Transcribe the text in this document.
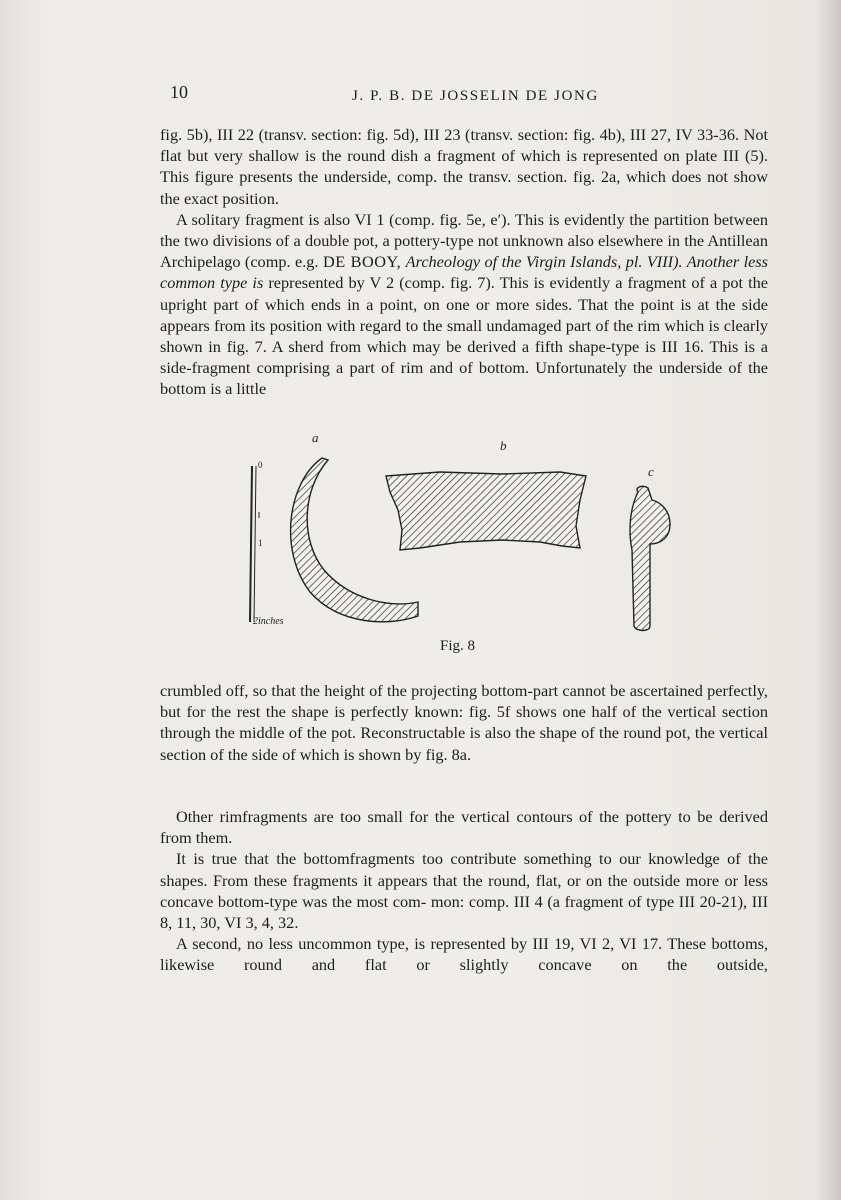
10	J. P. B. DE JOSSELIN DE JONG

fig. 5b), III 22 (transv. section: fig. 5d), III 23 (transv. section: fig. 4b), III 27, IV 33-36. Not flat but very shallow is the round dish a fragment of which is represented on plate III (5). This figure presents the underside, comp. the transv. section. fig. 2a, which does not show the exact position.

A solitary fragment is also VI 1 (comp. fig. 5e, e′). This is evidently the partition between the two divisions of a double pot, a pottery-type not unknown also elsewhere in the Antillean Archipelago (comp. e.g. DE BOOY, Archeology of the Virgin Islands, pl. VIII). Another less common type is represented by V 2 (comp. fig. 7). This is evidently a fragment of a pot the upright part of which ends in a point, on one or more sides. That the point is at the side appears from its position with regard to the small undamaged part of the rim which is clearly shown in fig. 7. A sherd from which may be derived a fifth shape-type is III 16. This is a side-fragment comprising a part of rim and of bottom. Unfortunately the underside of the bottom is a little

a
b
c
0
1
2inches
Fig. 8

crumbled off, so that the height of the projecting bottom-part cannot be ascertained perfectly, but for the rest the shape is perfectly known: fig. 5f shows one half of the vertical section through the middle of the pot. Reconstructable is also the shape of the round pot, the vertical section of the side of which is shown by fig. 8a.

Other rimfragments are too small for the vertical contours of the pottery to be derived from them.

It is true that the bottomfragments too contribute something to our knowledge of the shapes. From these fragments it appears that the round, flat, or on the outside more or less concave bottom-type was the most com- mon: comp. III 4 (a fragment of type III 20-21), III 8, 11, 30, VI 3, 4, 32.

A second, no less uncommon type, is represented by III 19, VI 2, VI 17. These bottoms, likewise round and flat or slightly concave on the outside,
